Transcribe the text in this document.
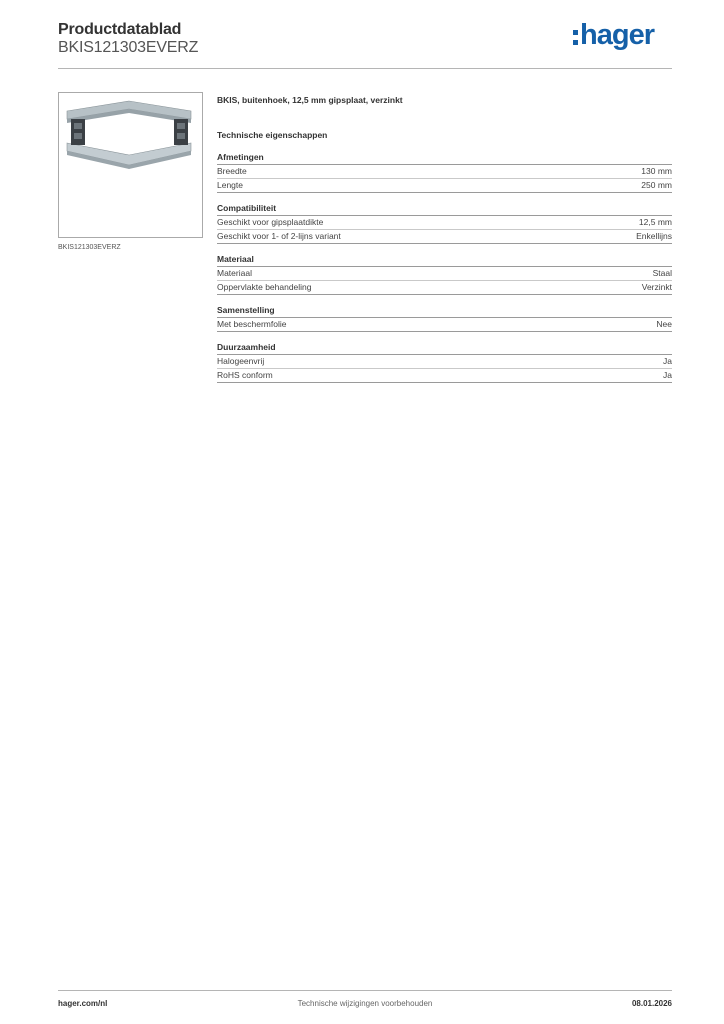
Productdatablad
BKIS121303EVERZ	hager
BKIS121303EVERZ
BKIS, buitenhoek, 12,5 mm gipsplaat, verzinkt
Technische eigenschappen
Afmetingen
Breedte	130 mm
Lengte	250 mm
Compatibiliteit
Geschikt voor gipsplaatdikte	12,5 mm
Geschikt voor 1- of 2-lijns variant	Enkellijns
Materiaal
Materiaal	Staal
Oppervlakte behandeling	Verzinkt
Samenstelling
Met beschermfolie	Nee
Duurzaamheid
Halogeenvrij	Ja
RoHS conform	Ja
hager.com/nl	Technische wijzigingen voorbehouden	08.01.2026
